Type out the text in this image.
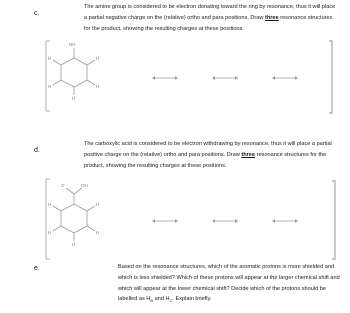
c.
The amine group is considered to be electron donating toward the ring by resonance, thus it will place a partial negative charge on the (relative) ortho and para positions. Draw three resonance structures for the product, showing the resulting charges at these positions.
NH
H
H
H
H
H
d.
The carboxylic acid is considered to be electron withdrawing by resonance, thus it will place a partial positive charge on the (relative) ortho and para positions. Draw three resonance structures for the product, showing the resulting charges at these positions.
O	OH
H
H
H
H
H
e.	Based on the resonance structures, which of the aromatic protons is more shielded and which is less shielded? Which of these protons will appear at the larger chemical shift and which will appear at the lower chemical shift? Decide which of the protons should be labelled as $H_B$ and $H_C$. Explain briefly.
